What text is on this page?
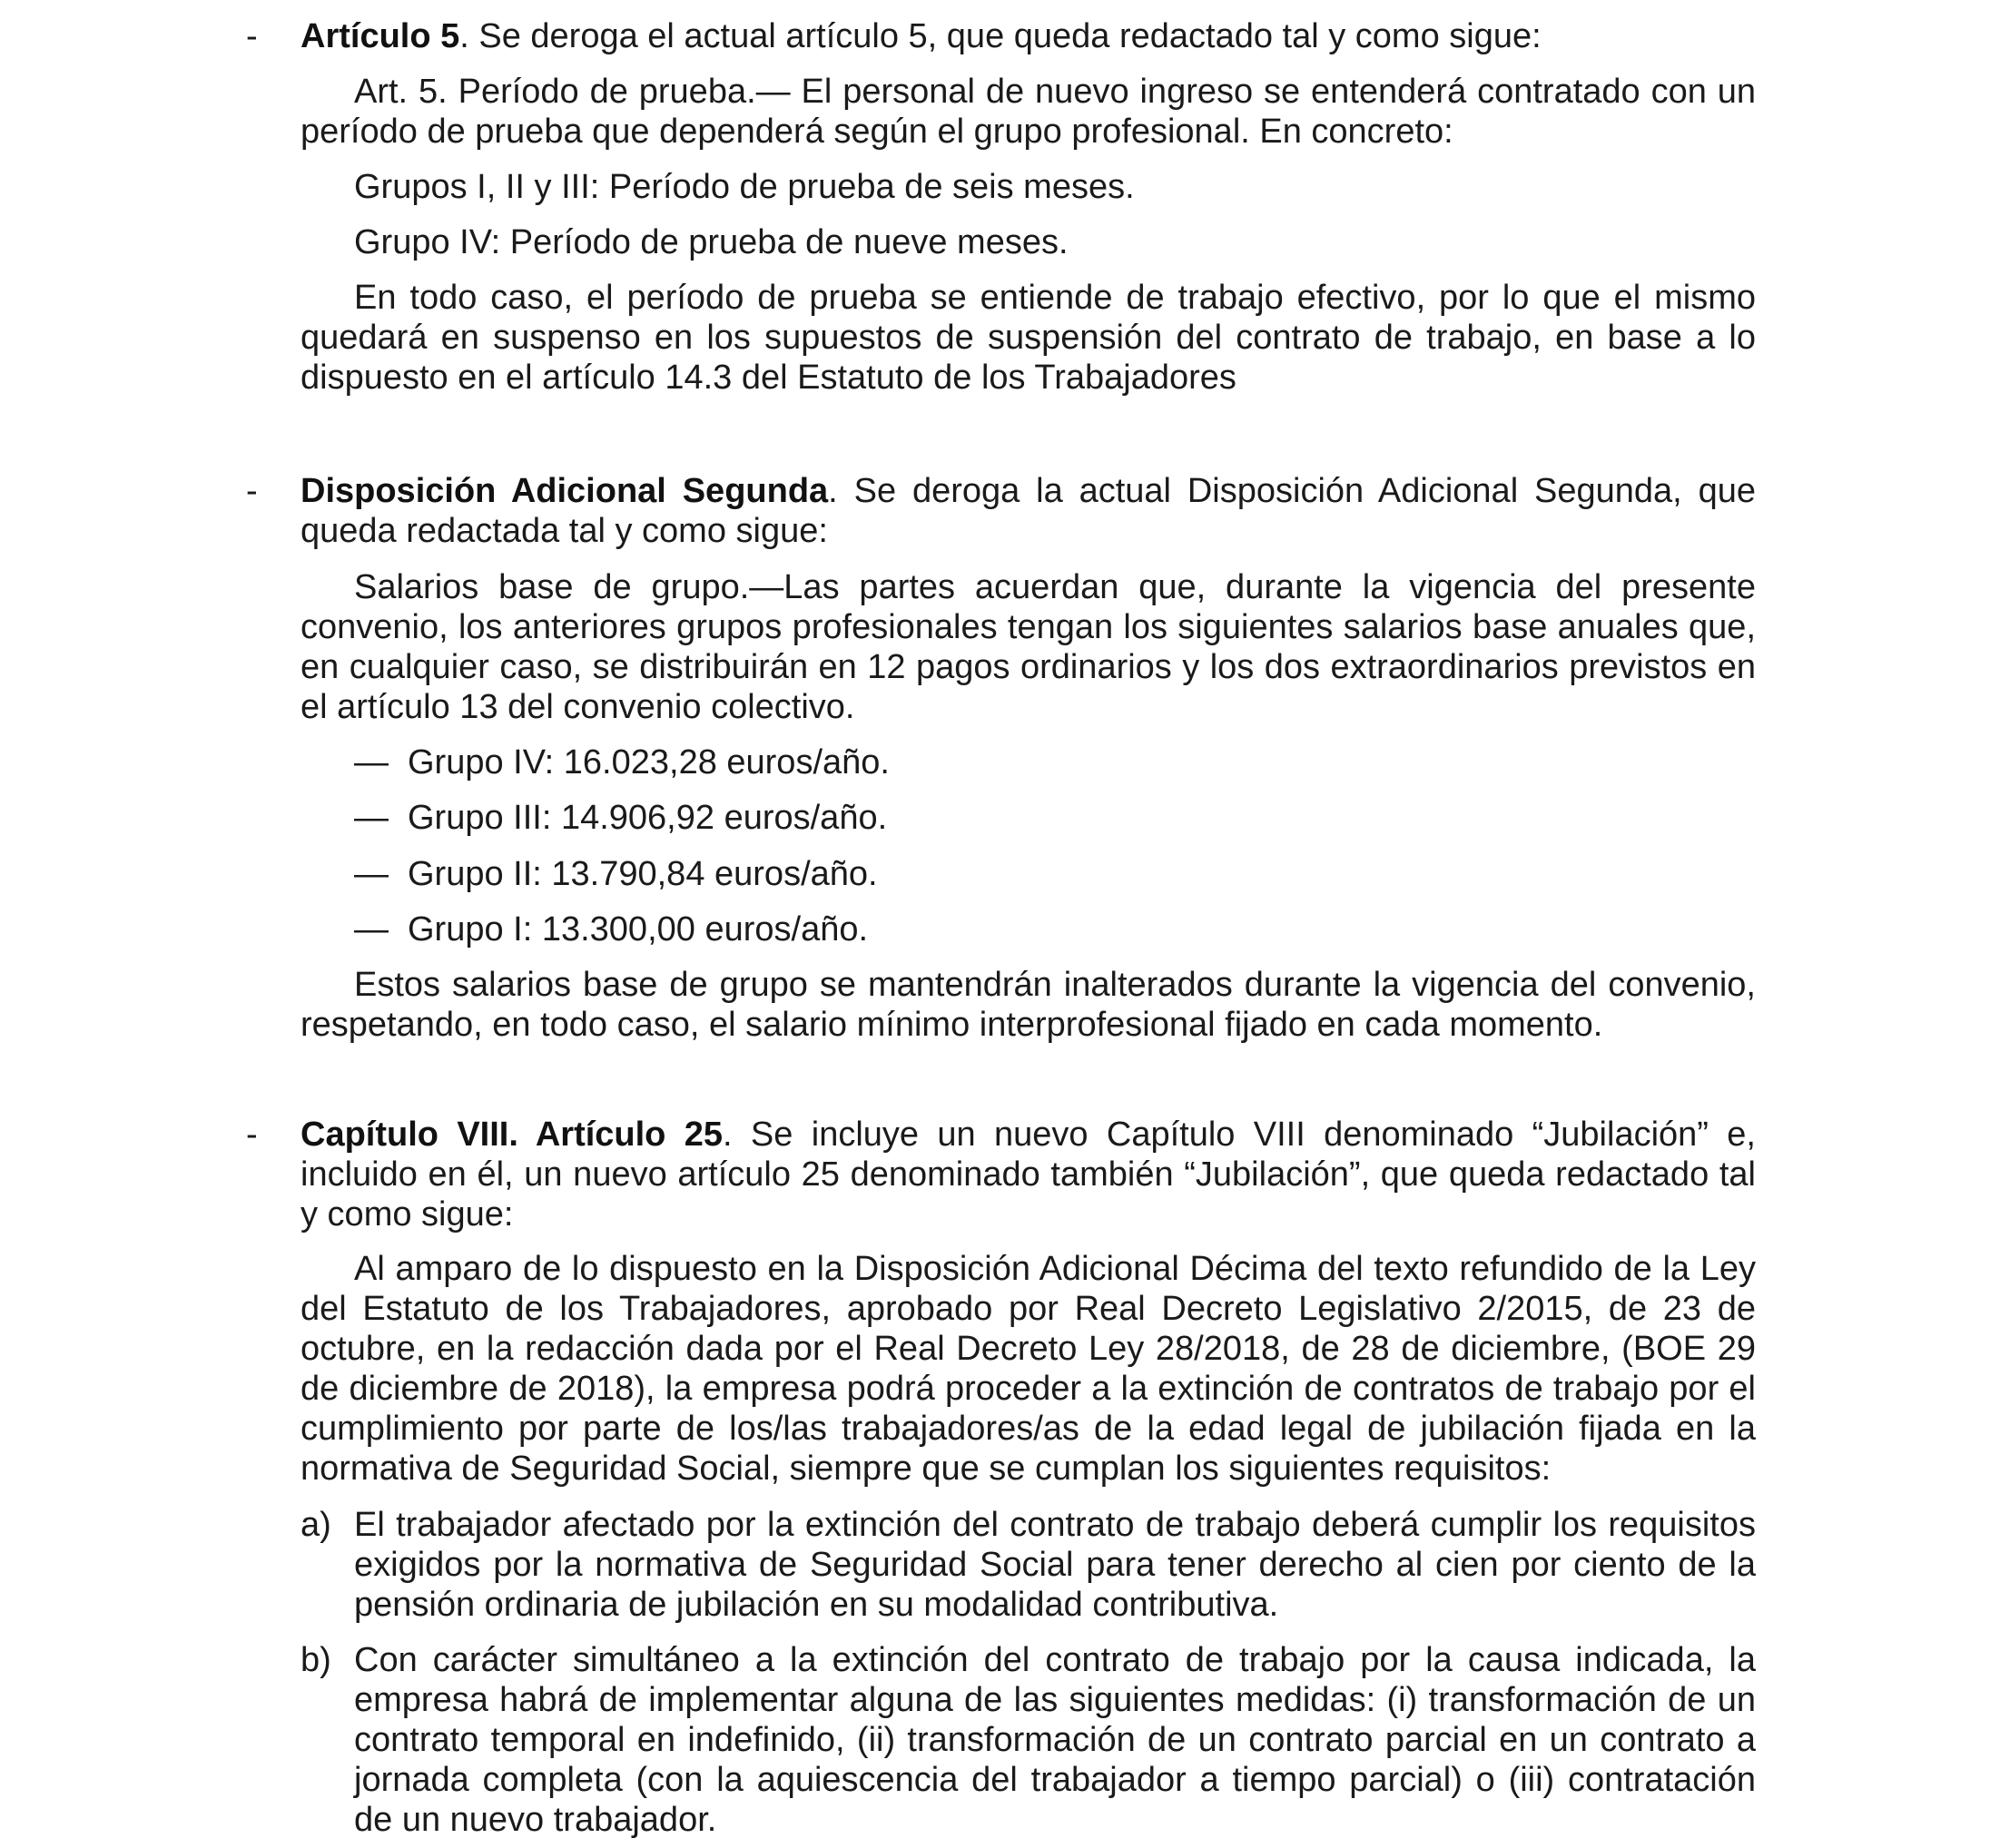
- Artículo 5. Se deroga el actual artículo 5, que queda redactado tal y como sigue:

Art. 5. Período de prueba.— El personal de nuevo ingreso se entenderá contratado con un período de prueba que dependerá según el grupo profesional. En concreto:

Grupos I, II y III: Período de prueba de seis meses.

Grupo IV: Período de prueba de nueve meses.

En todo caso, el período de prueba se entiende de trabajo efectivo, por lo que el mismo quedará en suspenso en los supuestos de suspensión del contrato de trabajo, en base a lo dispuesto en el artículo 14.3 del Estatuto de los Trabajadores

- Disposición Adicional Segunda. Se deroga la actual Disposición Adicional Segunda, que queda redactada tal y como sigue:

Salarios base de grupo.—Las partes acuerdan que, durante la vigencia del presente convenio, los anteriores grupos profesionales tengan los siguientes salarios base anuales que, en cualquier caso, se distribuirán en 12 pagos ordinarios y los dos extraordinarios previstos en el artículo 13 del convenio colectivo.

— Grupo IV: 16.023,28 euros/año.

— Grupo III: 14.906,92 euros/año.

— Grupo II: 13.790,84 euros/año.

— Grupo I: 13.300,00 euros/año.

Estos salarios base de grupo se mantendrán inalterados durante la vigencia del convenio, respetando, en todo caso, el salario mínimo interprofesional fijado en cada momento.

- Capítulo VIII. Artículo 25. Se incluye un nuevo Capítulo VIII denominado “Jubilación” e, incluido en él, un nuevo artículo 25 denominado también “Jubilación”, que queda redactado tal y como sigue:

Al amparo de lo dispuesto en la Disposición Adicional Décima del texto refundido de la Ley del Estatuto de los Trabajadores, aprobado por Real Decreto Legislativo 2/2015, de 23 de octubre, en la redacción dada por el Real Decreto Ley 28/2018, de 28 de diciembre, (BOE 29 de diciembre de 2018), la empresa podrá proceder a la extinción de contratos de trabajo por el cumplimiento por parte de los/las trabajadores/as de la edad legal de jubilación fijada en la normativa de Seguridad Social, siempre que se cumplan los siguientes requisitos:

a) El trabajador afectado por la extinción del contrato de trabajo deberá cumplir los requisitos exigidos por la normativa de Seguridad Social para tener derecho al cien por ciento de la pensión ordinaria de jubilación en su modalidad contributiva.
b) Con carácter simultáneo a la extinción del contrato de trabajo por la causa indicada, la empresa habrá de implementar alguna de las siguientes medidas: (i) transformación de un contrato temporal en indefinido, (ii) transformación de un contrato parcial en un contrato a jornada completa (con la aquiescencia del trabajador a tiempo parcial) o (iii) contratación de un nuevo trabajador.
